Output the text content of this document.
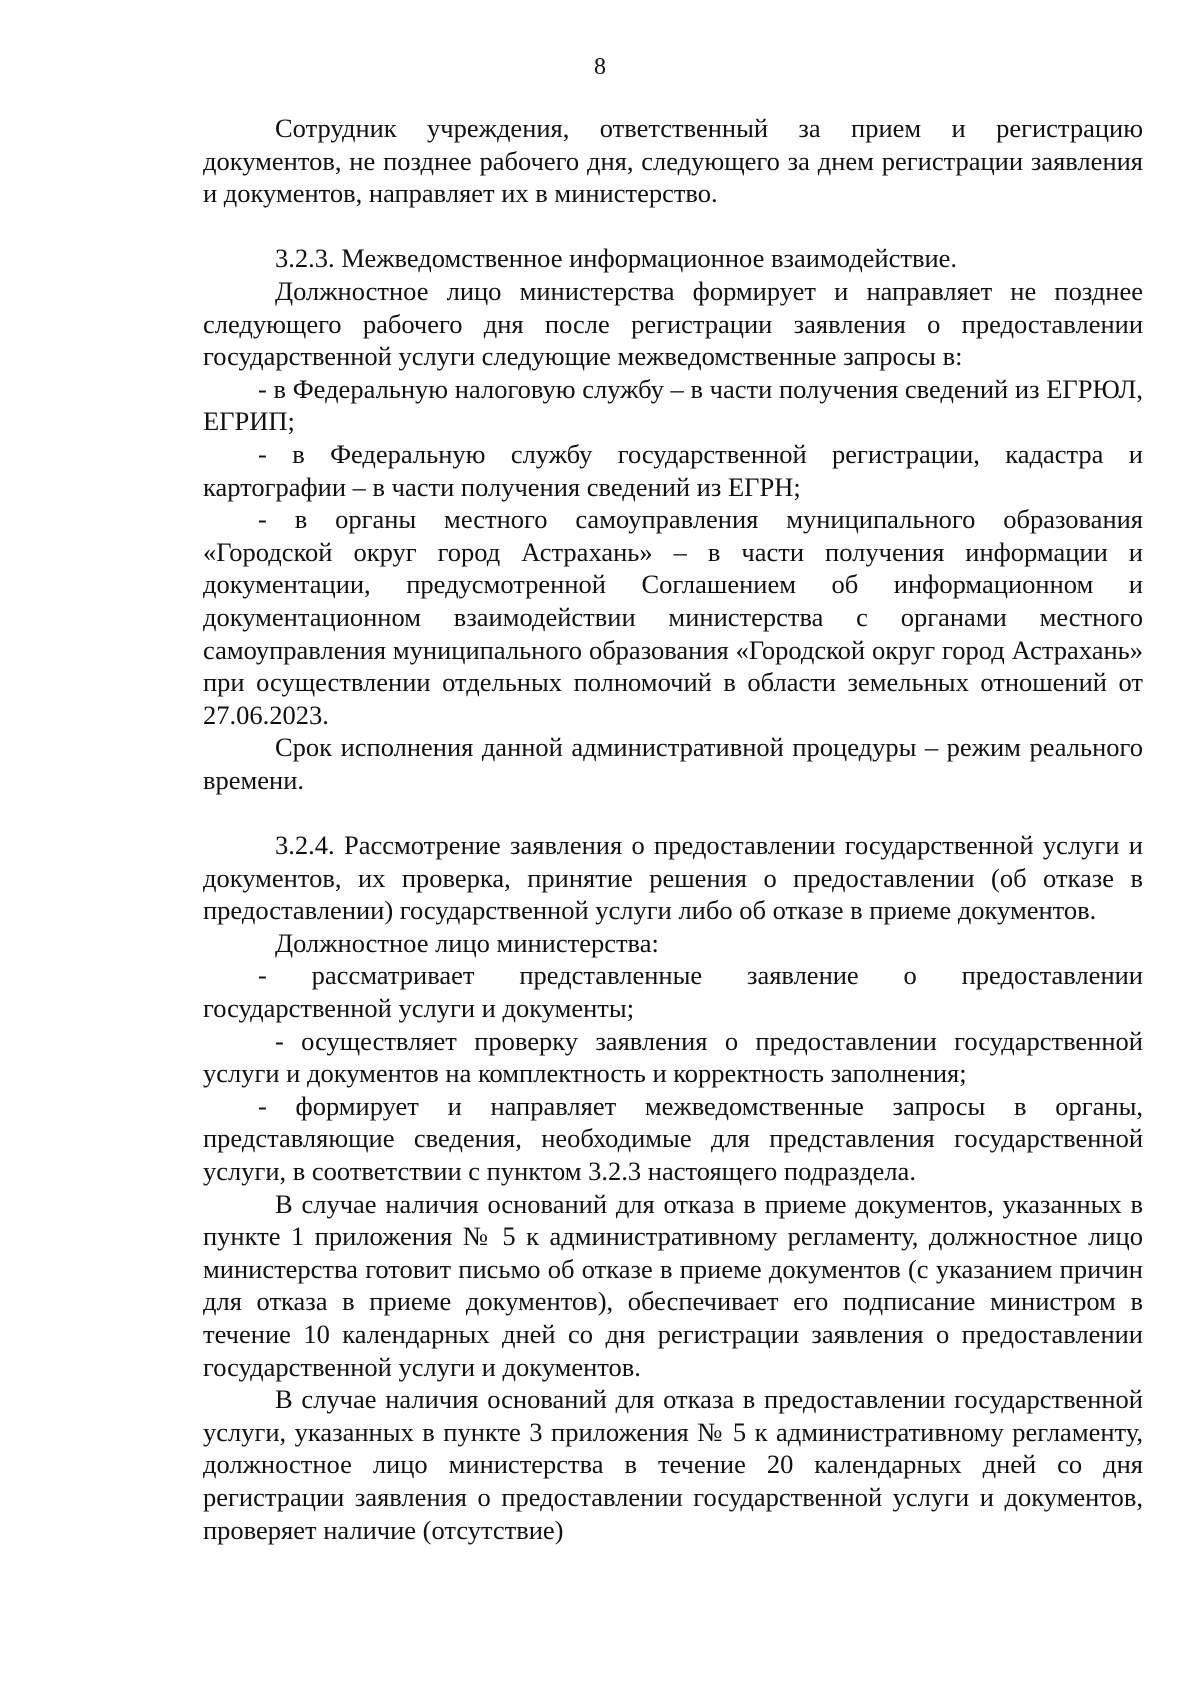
8

Сотрудник учреждения, ответственный за прием и регистрацию документов, не позднее рабочего дня, следующего за днем регистрации заявления и документов, направляет их в министерство.

3.2.3. Межведомственное информационное взаимодействие.

Должностное лицо министерства формирует и направляет не позднее следующего рабочего дня после регистрации заявления о предоставлении государственной услуги следующие межведомственные запросы в:

- в Федеральную налоговую службу – в части получения сведений из ЕГРЮЛ, ЕГРИП;

- в Федеральную службу государственной регистрации, кадастра и картографии – в части получения сведений из ЕГРН;

- в органы местного самоуправления муниципального образования «Городской округ город Астрахань» – в части получения информации и документации, предусмотренной Соглашением об информационном и документационном взаимодействии министерства с органами местного самоуправления муниципального образования «Городской округ город Астрахань» при осуществлении отдельных полномочий в области земельных отношений от 27.06.2023.

Срок исполнения данной административной процедуры – режим реального времени.

3.2.4. Рассмотрение заявления о предоставлении государственной услуги и документов, их проверка, принятие решения о предоставлении (об отказе в предоставлении) государственной услуги либо об отказе в приеме документов.

Должностное лицо министерства:

- рассматривает представленные заявление о предоставлении государственной услуги и документы;

- осуществляет проверку заявления о предоставлении государственной услуги и документов на комплектность и корректность заполнения;

- формирует и направляет межведомственные запросы в органы, представляющие сведения, необходимые для представления государственной услуги, в соответствии с пунктом 3.2.3 настоящего подраздела.

В случае наличия оснований для отказа в приеме документов, указанных в пункте 1 приложения № 5 к административному регламенту, должностное лицо министерства готовит письмо об отказе в приеме документов (с указанием причин для отказа в приеме документов), обеспечивает его подписание министром в течение 10 календарных дней со дня регистрации заявления о предоставлении государственной услуги и документов.

В случае наличия оснований для отказа в предоставлении государственной услуги, указанных в пункте 3 приложения № 5 к административному регламенту, должностное лицо министерства в течение 20 календарных дней со дня регистрации заявления о предоставлении государственной услуги и документов, проверяет наличие (отсутствие)
